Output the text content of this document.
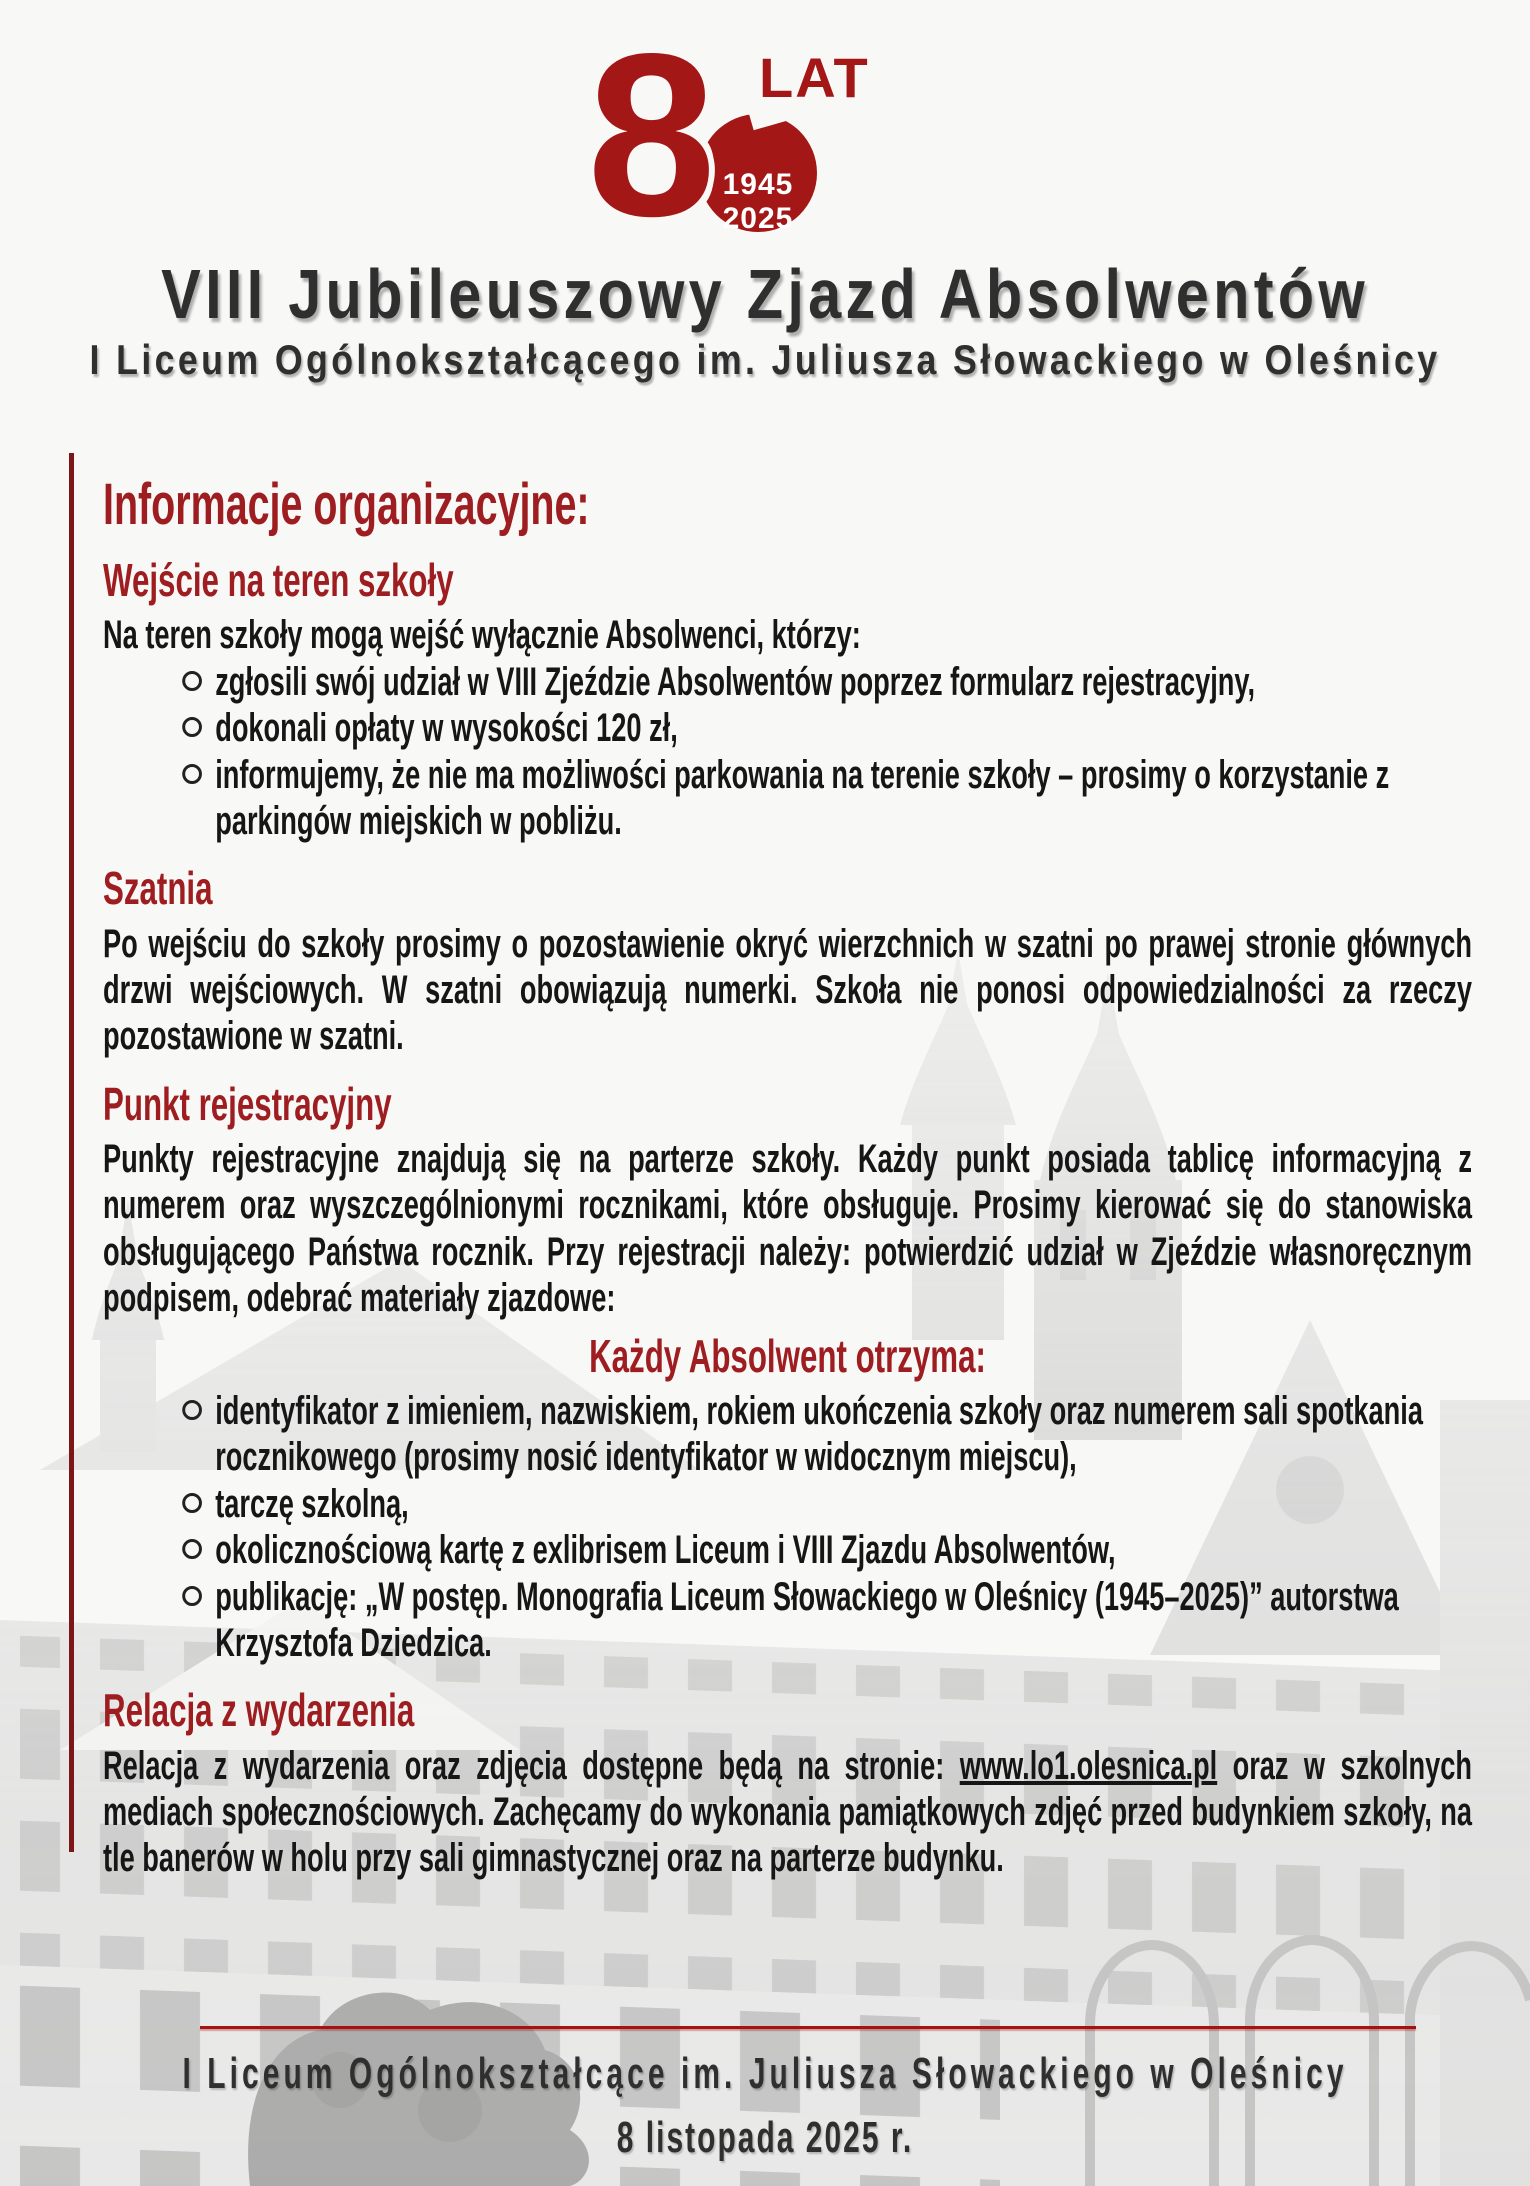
LAT
1945
2025
8
VIII Jubileuszowy Zjazd Absolwentów
I Liceum Ogólnokształcącego im. Juliusza Słowackiego w Oleśnicy
Informacje organizacyjne:
Wejście na teren szkoły

Na teren szkoły mogą wejść wyłącznie Absolwenci, którzy:

zgłosili swój udział w VIII Zjeździe Absolwentów poprzez formularz rejestracyjny,
dokonali opłaty w wysokości 120 zł,
informujemy, że nie ma możliwości parkowania na terenie szkoły – prosimy o korzystanie z parkingów miejskich w pobliżu.
Szatnia

Po wejściu do szkoły prosimy o pozostawienie okryć wierzchnich w szatni po prawej stronie głównych drzwi wejściowych. W szatni obowiązują numerki. Szkoła nie ponosi odpowiedzialności za rzeczy pozostawione w szatni.

Punkt rejestracyjny

Punkty rejestracyjne znajdują się na parterze szkoły. Każdy punkt posiada tablicę informacyjną z numerem oraz wyszczególnionymi rocznikami, które obsługuje. Prosimy kierować się do stanowiska obsługującego Państwa rocznik. Przy rejestracji należy: potwierdzić udział w Zjeździe własnoręcznym podpisem, odebrać materiały zjazdowe:

Każdy Absolwent otrzyma:
identyfikator z imieniem, nazwiskiem, rokiem ukończenia szkoły oraz numerem sali spotkania rocznikowego (prosimy nosić identyfikator w widocznym miejscu),
tarczę szkolną,
okolicznościową kartę z exlibrisem Liceum i VIII Zjazdu Absolwentów,
publikację: „W postęp. Monografia Liceum Słowackiego w Oleśnicy (1945–2025)” autorstwa Krzysztofa Dziedzica.
Relacja z wydarzenia

Relacja z wydarzenia oraz zdjęcia dostępne będą na stronie: www.lo1.olesnica.pl oraz w szkolnych mediach społecznościowych. Zachęcamy do wykonania pamiątkowych zdjęć przed budynkiem szkoły, na tle banerów w holu przy sali gimnastycznej oraz na parterze budynku.

I Liceum Ogólnokształcące im. Juliusza Słowackiego w Oleśnicy
8 listopada 2025 r.
